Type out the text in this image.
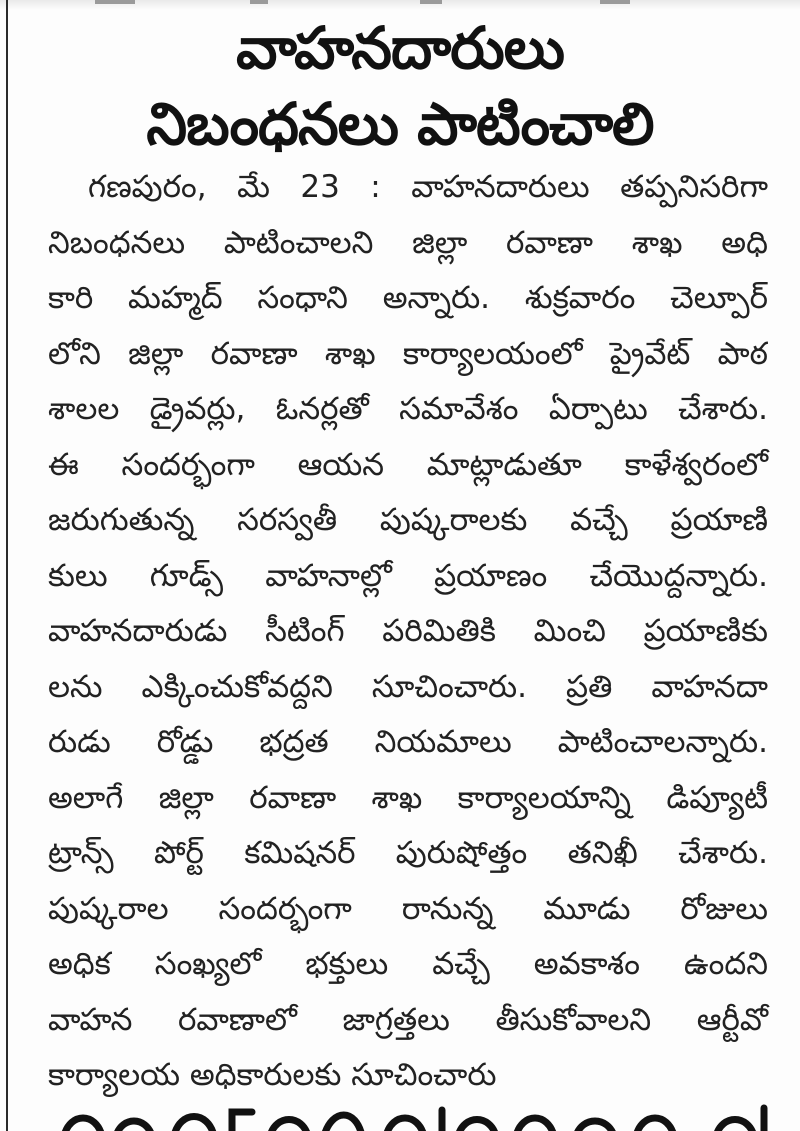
వాహనదారులు
నిబంధనలు పాటించాలి
గణపురం, మే 23 : వాహనదారులు తప్పనిసరిగా
నిబంధనలు పాటించాలని జిల్లా రవాణా శాఖ అధి
కారి మహ్మద్ సంధాని అన్నారు. శుక్రవారం చెల్పూర్
లోని జిల్లా రవాణా శాఖ కార్యాలయంలో ప్రైవేట్ పాఠ
శాలల డ్రైవర్లు, ఓనర్లతో సమావేశం ఏర్పాటు చేశారు.
ఈ సందర్భంగా ఆయన మాట్లాడుతూ కాళేశ్వరంలో
జరుగుతున్న సరస్వతీ పుష్కరాలకు వచ్చే ప్రయాణి
కులు గూడ్స్ వాహనాల్లో ప్రయాణం చేయొద్దన్నారు.
వాహనదారుడు సీటింగ్ పరిమితికి మించి ప్రయాణికు
లను ఎక్కించుకోవద్దని సూచించారు. ప్రతి వాహనదా
రుడు రోడ్డు భద్రత నియమాలు పాటించాలన్నారు.
అలాగే జిల్లా రవాణా శాఖ కార్యాలయాన్ని డిప్యూటీ
ట్రాన్స్ పోర్ట్ కమిషనర్ పురుషోత్తం తనిఖీ చేశారు.
పుష్కరాల సందర్భంగా రానున్న మూడు రోజులు
అధిక సంఖ్యలో భక్తులు వచ్చే అవకాశం ఉందని
వాహన రవాణాలో జాగ్రత్తలు తీసుకోవాలని ఆర్టీవో
కార్యాలయ అధికారులకు సూచించారు
